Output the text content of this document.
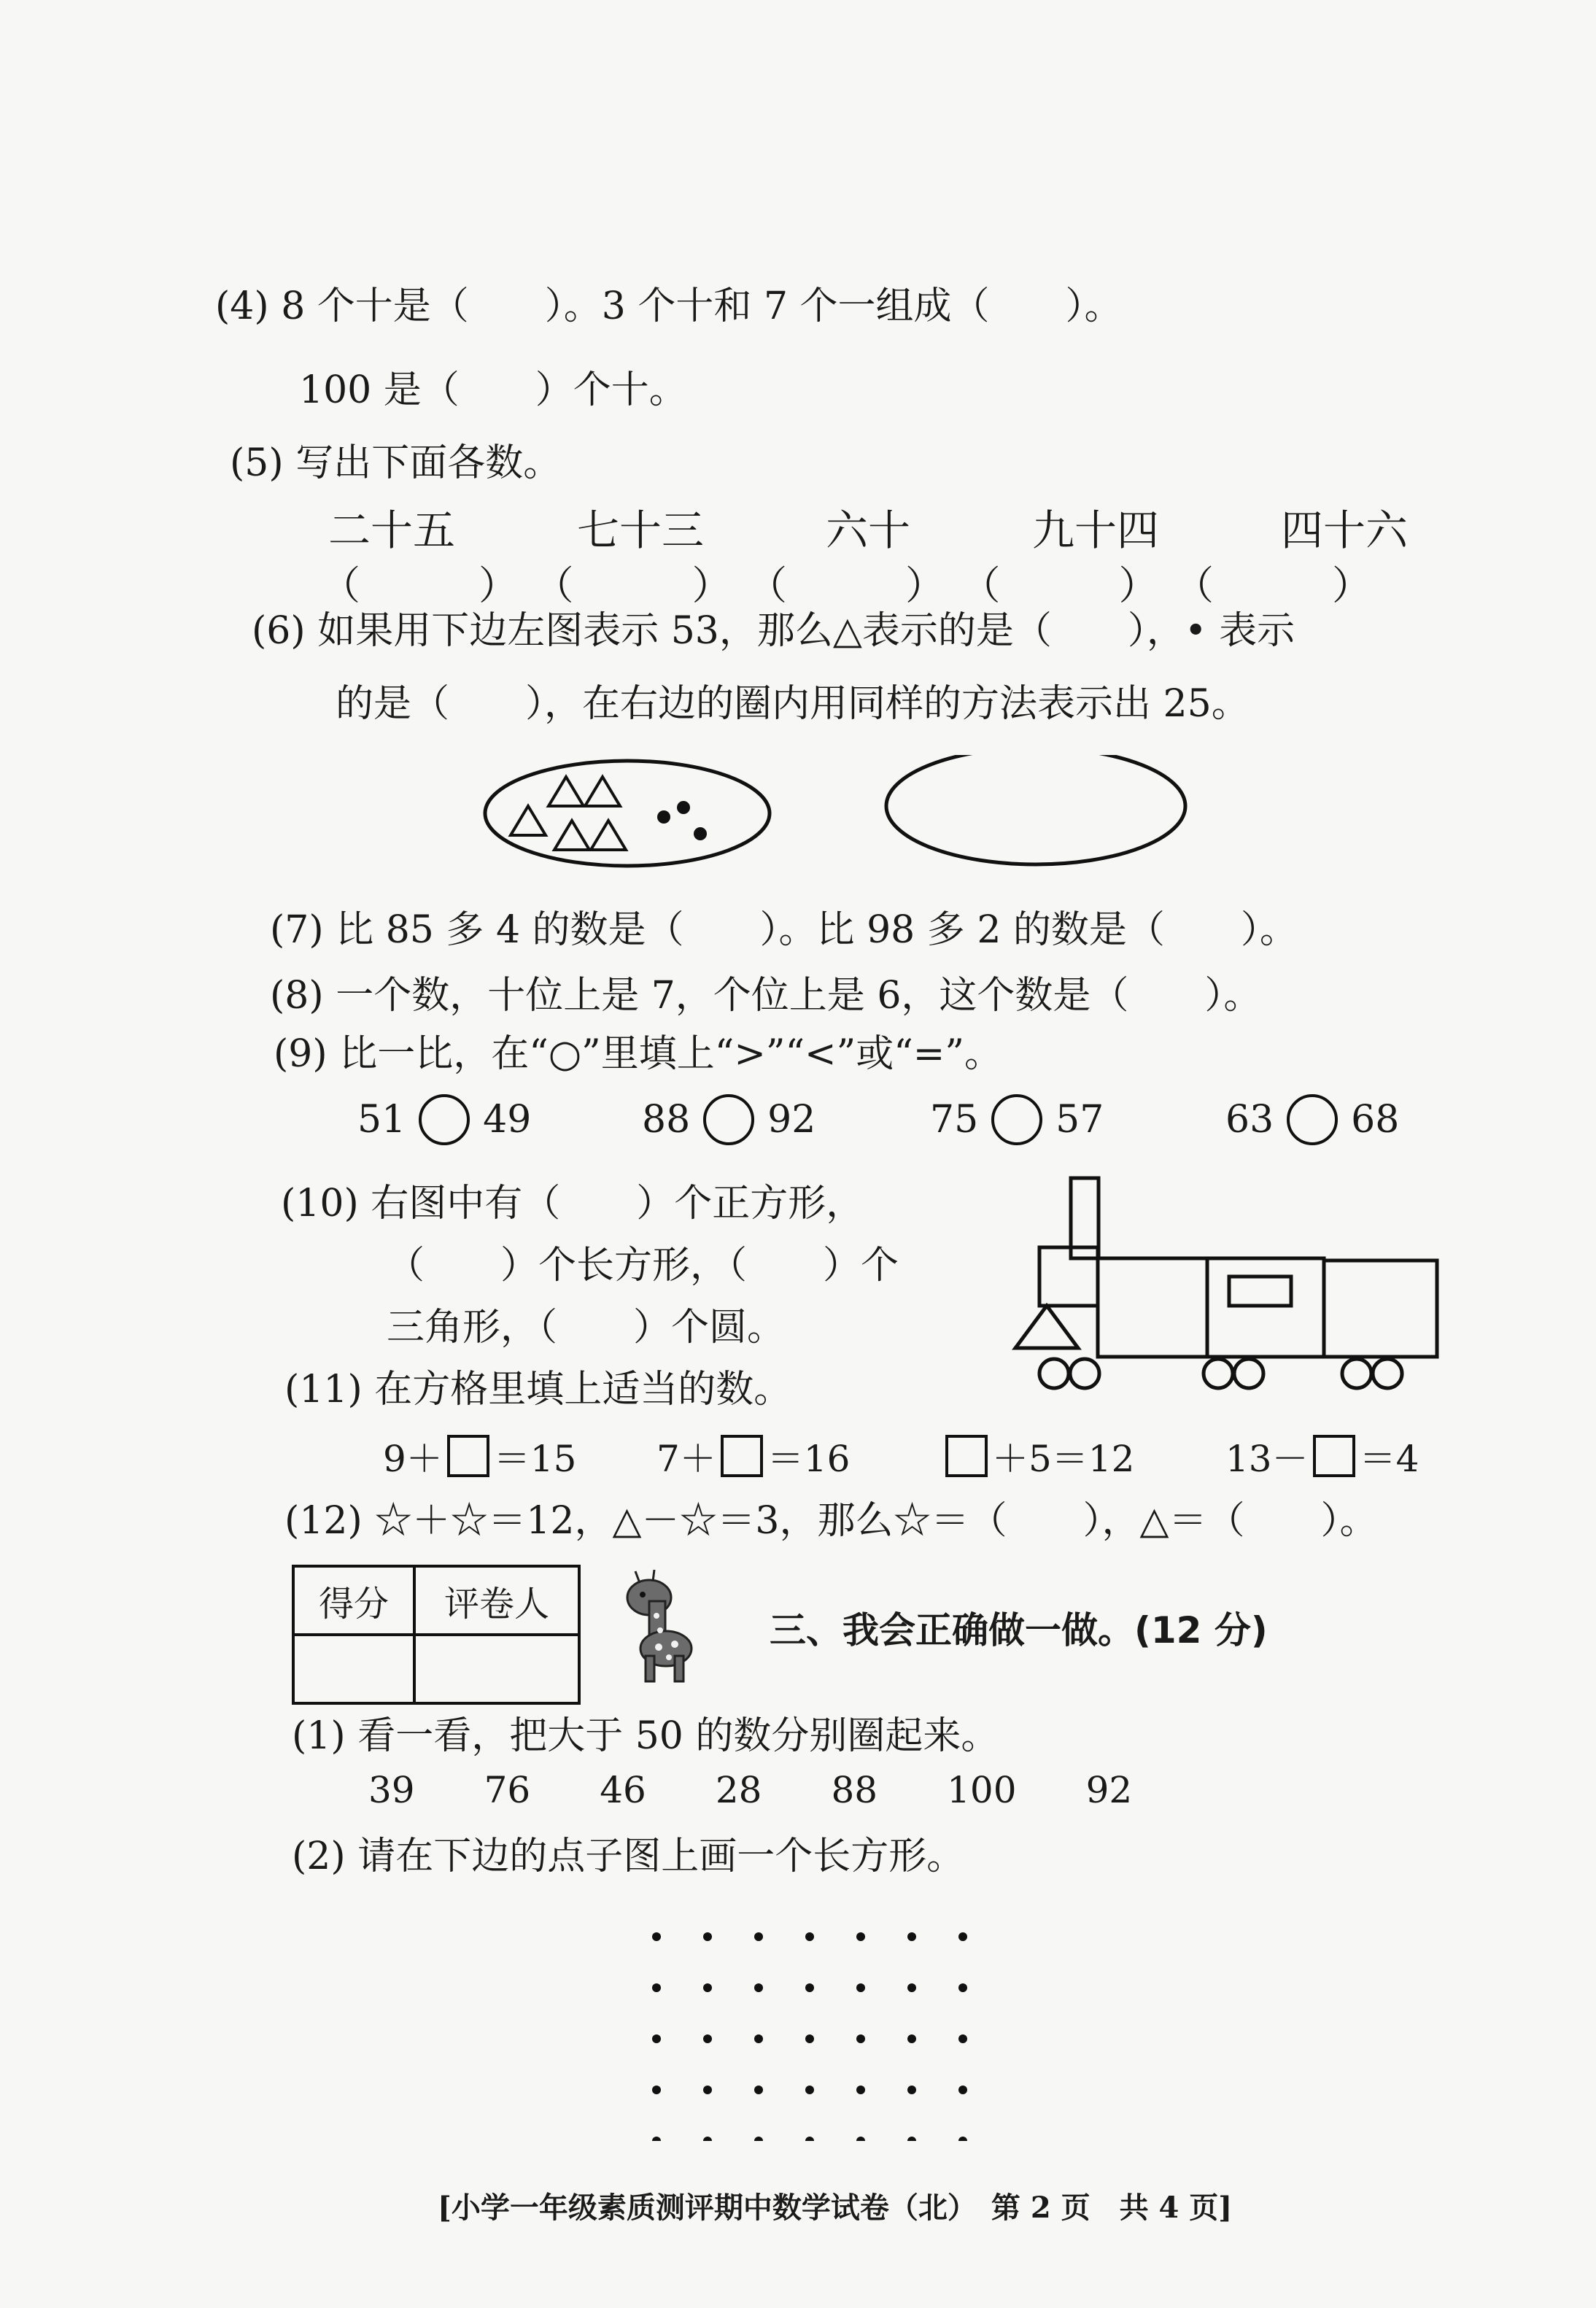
(4) 8 个十是（　　）。3 个十和 7 个一组成（　　）。
100 是（　　）个十。
(5) 写出下面各数。
二十五	七十三	六十	九十四	四十六
（　　　） （　　　） （　　　） （　　　） （　　　）
(6) 如果用下边左图表示 53，那么△表示的是（　　），• 表示
的是（　　），在右边的圈内用同样的方法表示出 25。
(7) 比 85 多 4 的数是（　　）。比 98 多 2 的数是（　　）。
(8) 一个数，十位上是 7，个位上是 6，这个数是（　　）。
(9) 比一比，在“○”里填上“>”“<”或“=”。
51 49	88 92	75 57	63 68
(10) 右图中有（　　）个正方形，
（　　）个长方形，（　　）个
三角形，（　　）个圆。
(11) 在方格里填上适当的数。
9＋ ＝15 7＋ ＝16	＋5＝12 13－ ＝4
(12) ☆＋☆＝12，△－☆＝3，那么☆＝（　　），△＝（　　）。
得分	评卷人

三、我会正确做一做。(12 分)
(1) 看一看，把大于 50 的数分别圈起来。
39 76 46 28 88 100 92
(2) 请在下边的点子图上画一个长方形。
[小学一年级素质测评期中数学试卷（北）　第 2 页　共 4 页]
